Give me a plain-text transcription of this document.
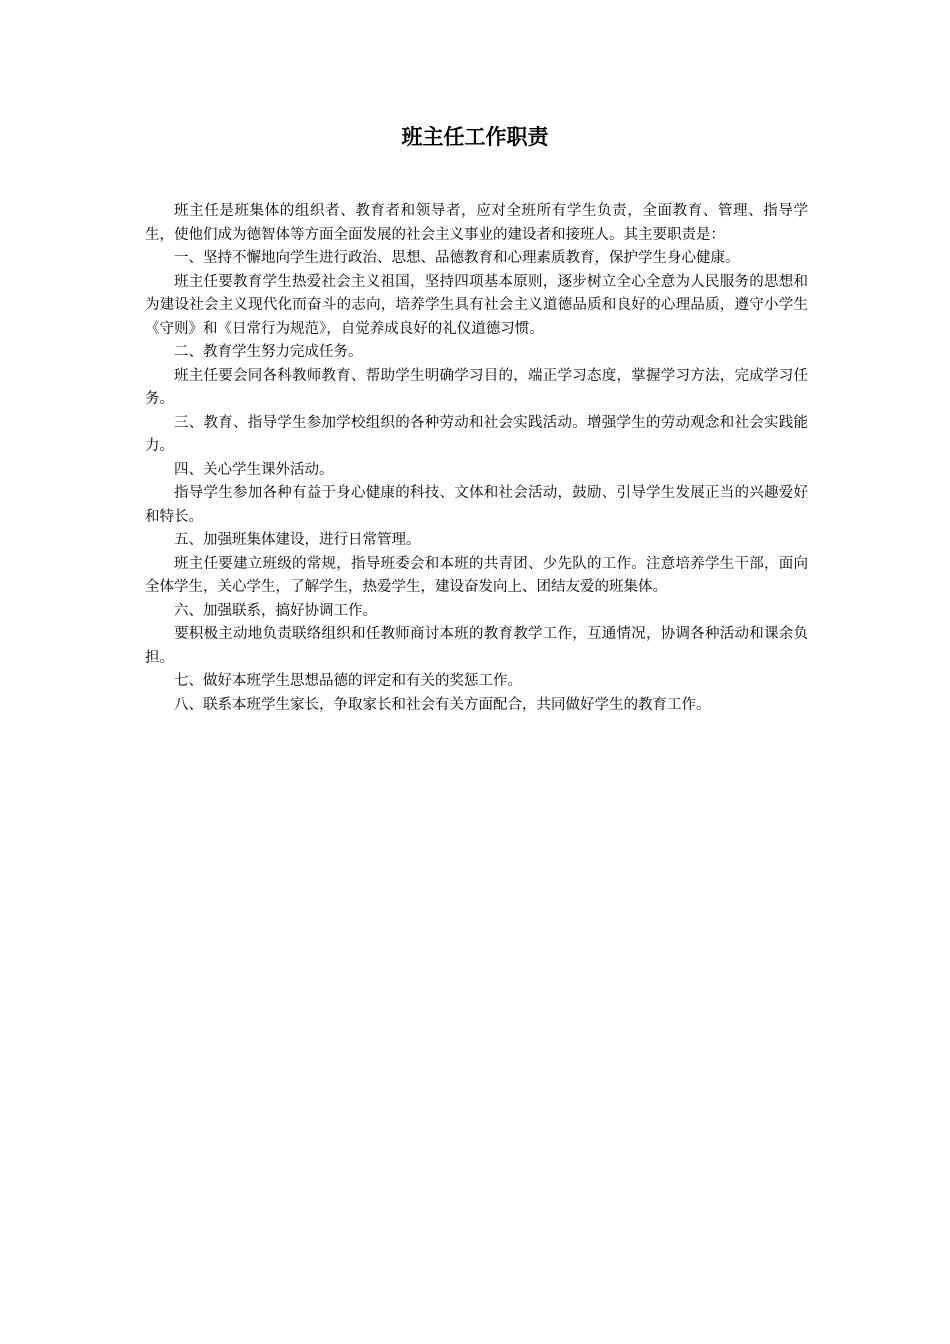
班主任工作职责

班主任是班集体的组织者、教育者和领导者，应对全班所有学生负责，全面教育、管理、指导学生，使他们成为德智体等方面全面发展的社会主义事业的建设者和接班人。其主要职责是：

一、坚持不懈地向学生进行政治、思想、品德教育和心理素质教育，保护学生身心健康。

班主任要教育学生热爱社会主义祖国，坚持四项基本原则，逐步树立全心全意为人民服务的思想和为建设社会主义现代化而奋斗的志向，培养学生具有社会主义道德品质和良好的心理品质，遵守小学生《守则》和《日常行为规范》，自觉养成良好的礼仪道德习惯。

二、教育学生努力完成任务。

班主任要会同各科教师教育、帮助学生明确学习目的，端正学习态度，掌握学习方法，完成学习任务。

三、教育、指导学生参加学校组织的各种劳动和社会实践活动。增强学生的劳动观念和社会实践能力。

四、关心学生课外活动。

指导学生参加各种有益于身心健康的科技、文体和社会活动，鼓励、引导学生发展正当的兴趣爱好和特长。

五、加强班集体建设，进行日常管理。

班主任要建立班级的常规，指导班委会和本班的共青团、少先队的工作。注意培养学生干部，面向全体学生，关心学生，了解学生，热爱学生，建设奋发向上、团结友爱的班集体。

六、加强联系，搞好协调工作。

要积极主动地负责联络组织和任教师商讨本班的教育教学工作，互通情况，协调各种活动和课余负担。

七、做好本班学生思想品德的评定和有关的奖惩工作。

八、联系本班学生家长，争取家长和社会有关方面配合，共同做好学生的教育工作。
